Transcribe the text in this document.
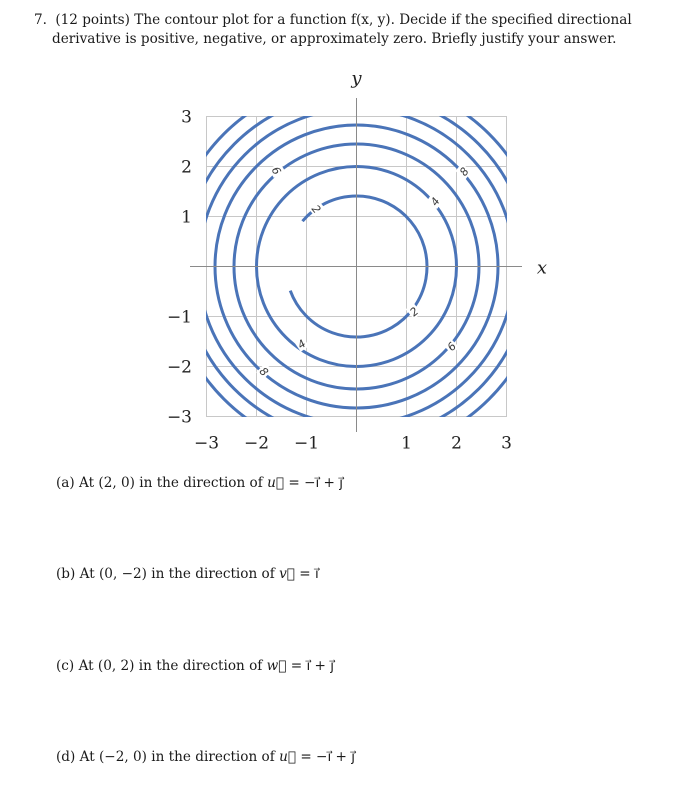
7. (12 points) The contour plot for a function f(x, y). Decide if the specified directional
derivative is positive, negative, or approximately zero. Briefly justify your answer.
6
2
8
4
2
4	6
8
−3 −2 −1	1 2 3
3
2
1
−1
−2
−3
y
x
(a) At (2, 0) in the direction of u⃗ = −i⃗ + j⃗
(b) At (0, −2) in the direction of v⃗ = i⃗
(c) At (0, 2) in the direction of w⃗ = i⃗ + j⃗
(d) At (−2, 0) in the direction of u⃗ = −i⃗ + j⃗
